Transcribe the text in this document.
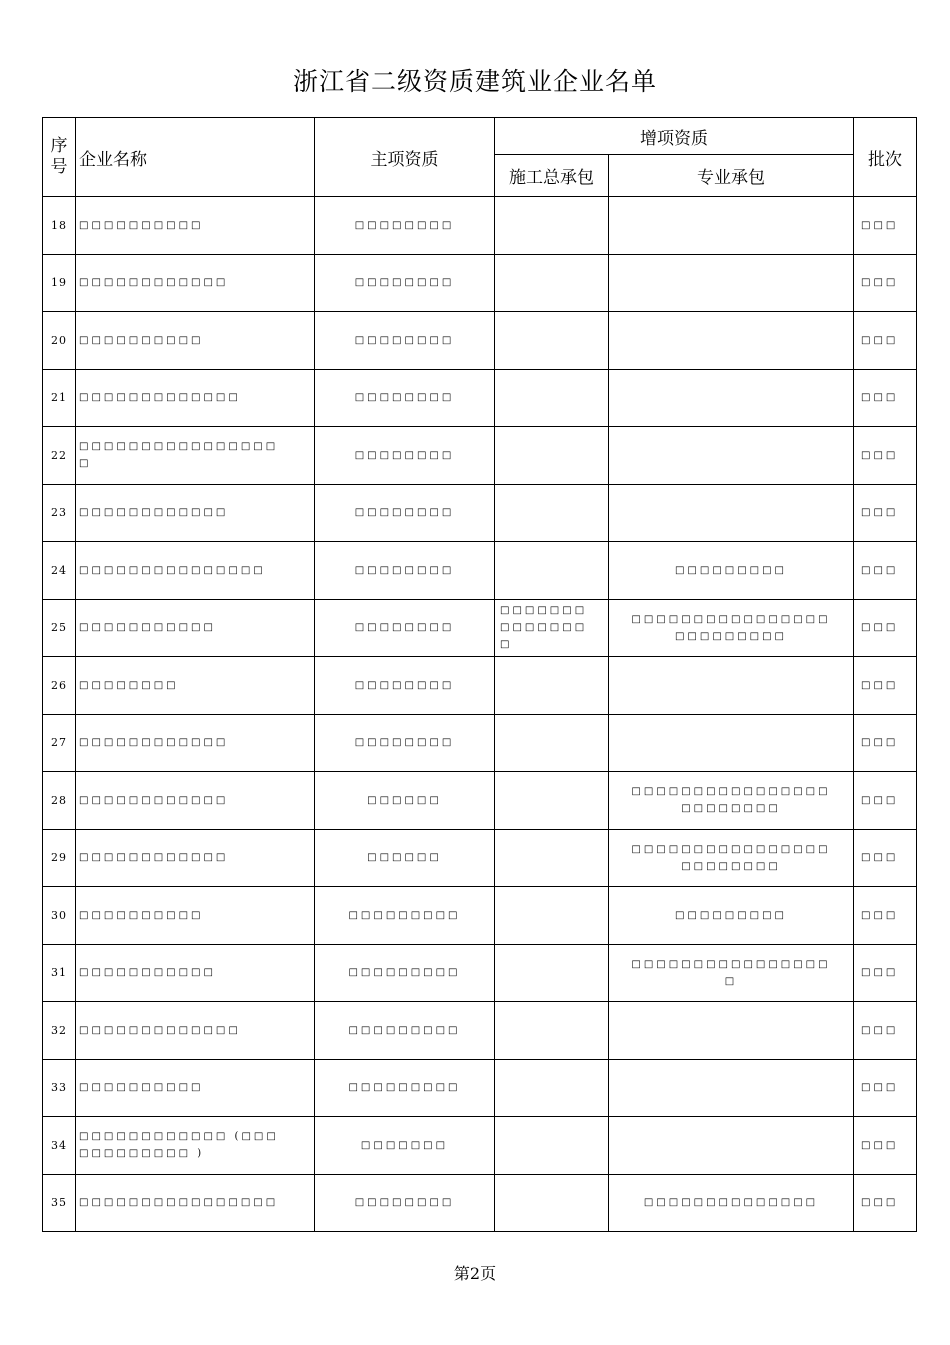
浙江省二级资质建筑业企业名单
序号	企业名称	主项资质	增项资质		批次
			施工总承包	专业承包	
18	□□□□□□□□□□	□□□□□□□□			□□□
19	□□□□□□□□□□□□	□□□□□□□□			□□□
20	□□□□□□□□□□	□□□□□□□□			□□□
21	□□□□□□□□□□□□□	□□□□□□□□			□□□
22	□□□□□□□□□□□□□□□□
□	□□□□□□□□			□□□
23	□□□□□□□□□□□□	□□□□□□□□			□□□
24	□□□□□□□□□□□□□□□	□□□□□□□□		□□□□□□□□□	□□□
25	□□□□□□□□□□□	□□□□□□□□	□□□□□□□
□□□□□□□
□	□□□□□□□□□□□□□□□□
□□□□□□□□□	□□□
26	□□□□□□□□	□□□□□□□□			□□□
27	□□□□□□□□□□□□	□□□□□□□□			□□□
28	□□□□□□□□□□□□	□□□□□□		□□□□□□□□□□□□□□□□
□□□□□□□□	□□□
29	□□□□□□□□□□□□	□□□□□□		□□□□□□□□□□□□□□□□
□□□□□□□□	□□□
30	□□□□□□□□□□	□□□□□□□□□		□□□□□□□□□	□□□
31	□□□□□□□□□□□	□□□□□□□□□		□□□□□□□□□□□□□□□□
□	□□□
32	□□□□□□□□□□□□□	□□□□□□□□□			□□□
33	□□□□□□□□□□	□□□□□□□□□			□□□
34	□□□□□□□□□□□□ (□□□
□□□□□□□□□ )	□□□□□□□			□□□
35	□□□□□□□□□□□□□□□□	□□□□□□□□		□□□□□□□□□□□□□□	□□□
第2页
